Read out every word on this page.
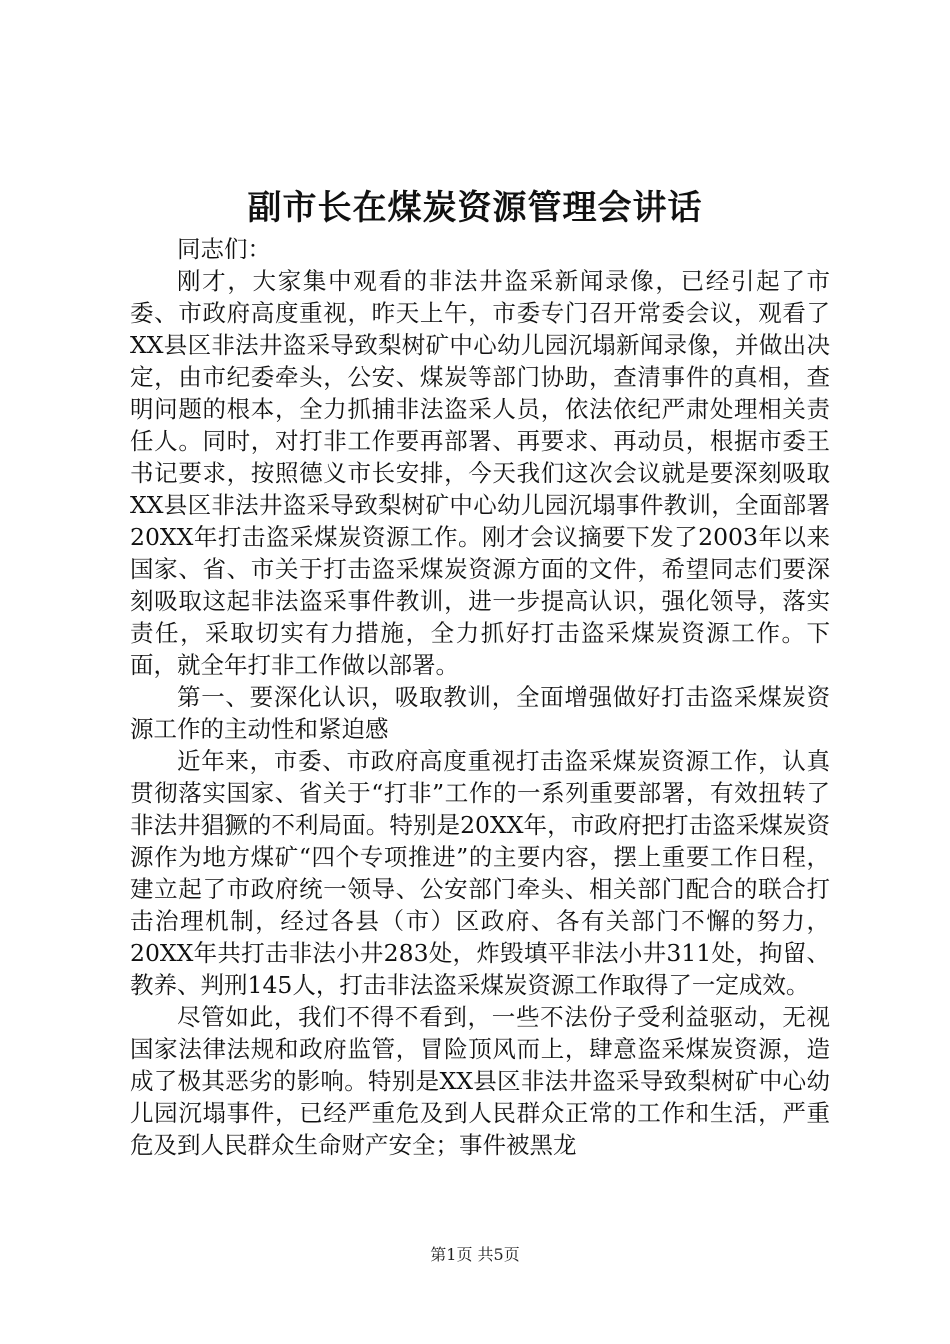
副市长在煤炭资源管理会讲话

同志们：

刚才，大家集中观看的非法井盗采新闻录像，已经引起了市委、市政府高度重视，昨天上午，市委专门召开常委会议，观看了XX县区非法井盗采导致梨树矿中心幼儿园沉塌新闻录像，并做出决定，由市纪委牵头，公安、煤炭等部门协助，查清事件的真相，查明问题的根本，全力抓捕非法盗采人员，依法依纪严肃处理相关责任人。同时，对打非工作要再部署、再要求、再动员，根据市委王书记要求，按照德义市长安排，今天我们这次会议就是要深刻吸取XX县区非法井盗采导致梨树矿中心幼儿园沉塌事件教训，全面部署20XX年打击盗采煤炭资源工作。刚才会议摘要下发了2003年以来国家、省、市关于打击盗采煤炭资源方面的文件，希望同志们要深刻吸取这起非法盗采事件教训，进一步提高认识，强化领导，落实责任，采取切实有力措施，全力抓好打击盗采煤炭资源工作。下面，就全年打非工作做以部署。

第一、要深化认识，吸取教训，全面增强做好打击盗采煤炭资源工作的主动性和紧迫感

近年来，市委、市政府高度重视打击盗采煤炭资源工作，认真贯彻落实国家、省关于“打非”工作的一系列重要部署，有效扭转了非法井猖獗的不利局面。特别是20XX年，市政府把打击盗采煤炭资源作为地方煤矿“四个专项推进”的主要内容，摆上重要工作日程，建立起了市政府统一领导、公安部门牵头、相关部门配合的联合打击治理机制，经过各县（市）区政府、各有关部门不懈的努力，20XX年共打击非法小井283处，炸毁填平非法小井311处，拘留、教养、判刑145人，打击非法盗采煤炭资源工作取得了一定成效。

尽管如此，我们不得不看到，一些不法份子受利益驱动，无视国家法律法规和政府监管，冒险顶风而上，肆意盗采煤炭资源，造成了极其恶劣的影响。特别是XX县区非法井盗采导致梨树矿中心幼儿园沉塌事件，已经严重危及到人民群众正常的工作和生活，严重危及到人民群众生命财产安全；事件被黑龙

第1页 共5页
